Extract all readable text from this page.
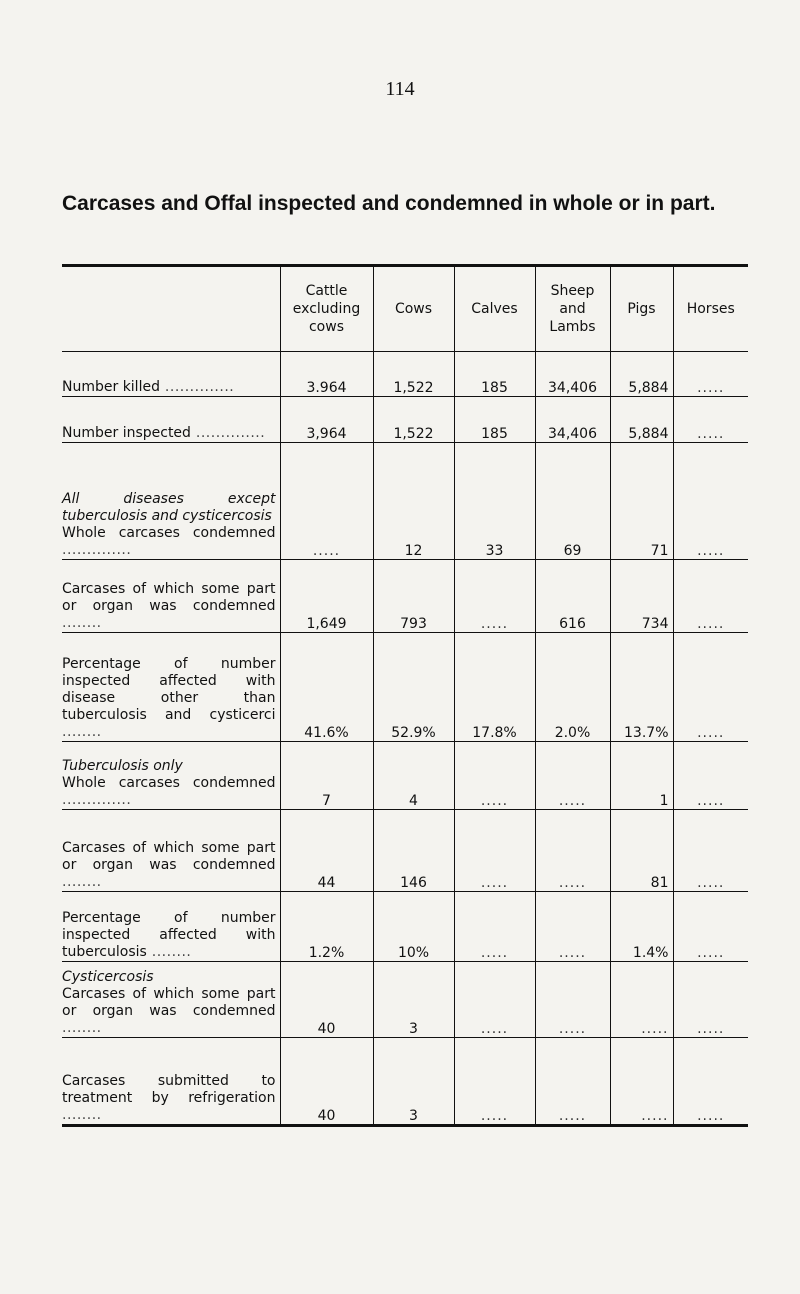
114
Carcases and Offal inspected and condemned in whole or in part.
	Cattle
excluding
cows	Cows	Calves	Sheep
and
Lambs	Pigs	Horses
Number killed ..............	3.964	1,522	185	34,406	5,884	.....
Number inspected ..............	3,964	1,522	185	34,406	5,884	.....
All diseases except tuberculosis and cysticercosis
Whole carcases condemned ..............	.....	12	33	69	71	.....
Carcases of which some part or organ was condemned ........	1,649	793	.....	616	734	.....
Percentage of number inspected affected with disease other than tuberculosis and cysticerci ........	41.6%	52.9%	17.8%	2.0%	13.7%	.....
Tuberculosis only
Whole carcases condemned ..............	7	4	.....	.....	1	.....
Carcases of which some part or organ was condemned ........	44	146	.....	.....	81	.....
Percentage of number inspected affected with tuberculosis ........	1.2%	10%	.....	.....	1.4%	.....
Cysticercosis
Carcases of which some part or organ was condemned ........	40	3	.....	.....	.....	.....
Carcases submitted to treatment by refrigeration ........	40	3	.....	.....	.....	.....
